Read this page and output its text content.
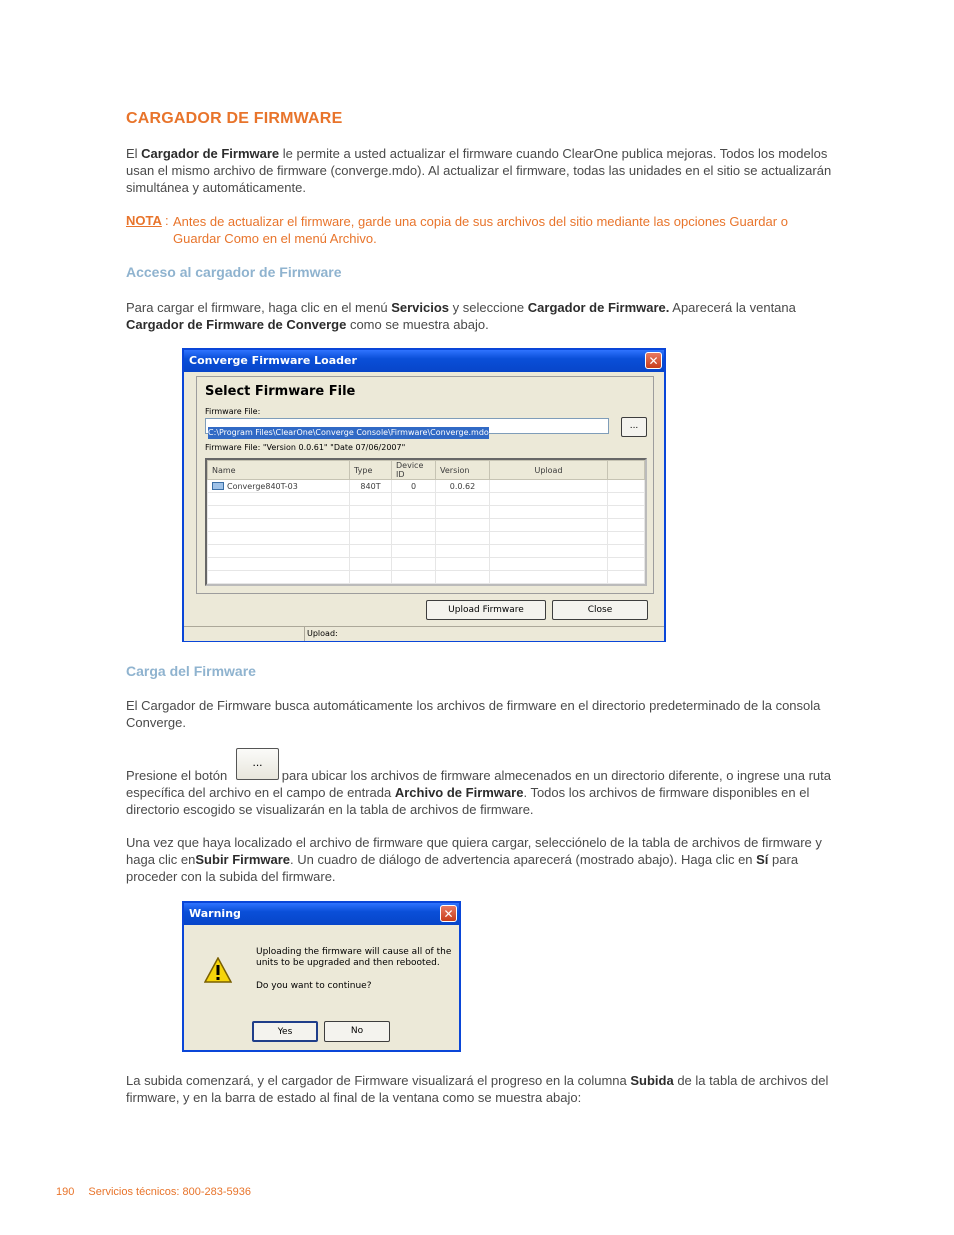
CARGADOR DE FIRMWARE
El Cargador de Firmware le permite a usted actualizar el firmware cuando ClearOne publica mejoras. Todos los modelos usan el mismo archivo de firmware (converge.mdo). Al actualizar el firmware, todas las unidades en el sitio se actualizarán simultánea y automáticamente.
NOTA : Antes de actualizar el firmware, garde una copia de sus archivos del sitio mediante las opciones Guardar o Guardar Como en el menú Archivo.
Acceso al cargador de Firmware
Para cargar el firmware, haga clic en el menú Servicios y seleccione Cargador de Firmware. Aparecerá la ventana Cargador de Firmware de Converge como se muestra abajo.
Converge Firmware Loader	✕
Select Firmware File
Firmware File:
C:\Program Files\ClearOne\Converge Console\Firmware\Converge.mdo
...
Firmware File: "Version 0.0.61" "Date 07/06/2007"
Name	Type	Device ID	Version	Upload	
Converge840T-03	840T	0	0.0.62		

Upload Firmware	Close
Upload:
Carga del Firmware
El Cargador de Firmware busca automáticamente los archivos de firmware en el directorio predeterminado de la consola Converge.
...
Presione el botón	para ubicar los archivos de firmware almecenados en un directorio diferente, o ingrese una ruta específica del archivo en el campo de entrada Archivo de Firmware. Todos los archivos de firmware disponibles en el directorio escogido se visualizarán en la tabla de archivos de firmware.
Una vez que haya localizado el archivo de firmware que quiera cargar, selecciónelo de la tabla de archivos de firmware y haga clic enSubir Firmware. Un cuadro de diálogo de advertencia aparecerá (mostrado abajo). Haga clic en Sí para proceder con la subida del firmware.
Warning	✕
Uploading the firmware will cause all of the units to be upgraded and then rebooted.
Do you want to continue?
Yes	No
La subida comenzará, y el cargador de Firmware visualizará el progreso en la columna Subida de la tabla de archivos del firmware, y en la barra de estado al final de la ventana como se muestra abajo:
190 Servicios técnicos: 800-283-5936
